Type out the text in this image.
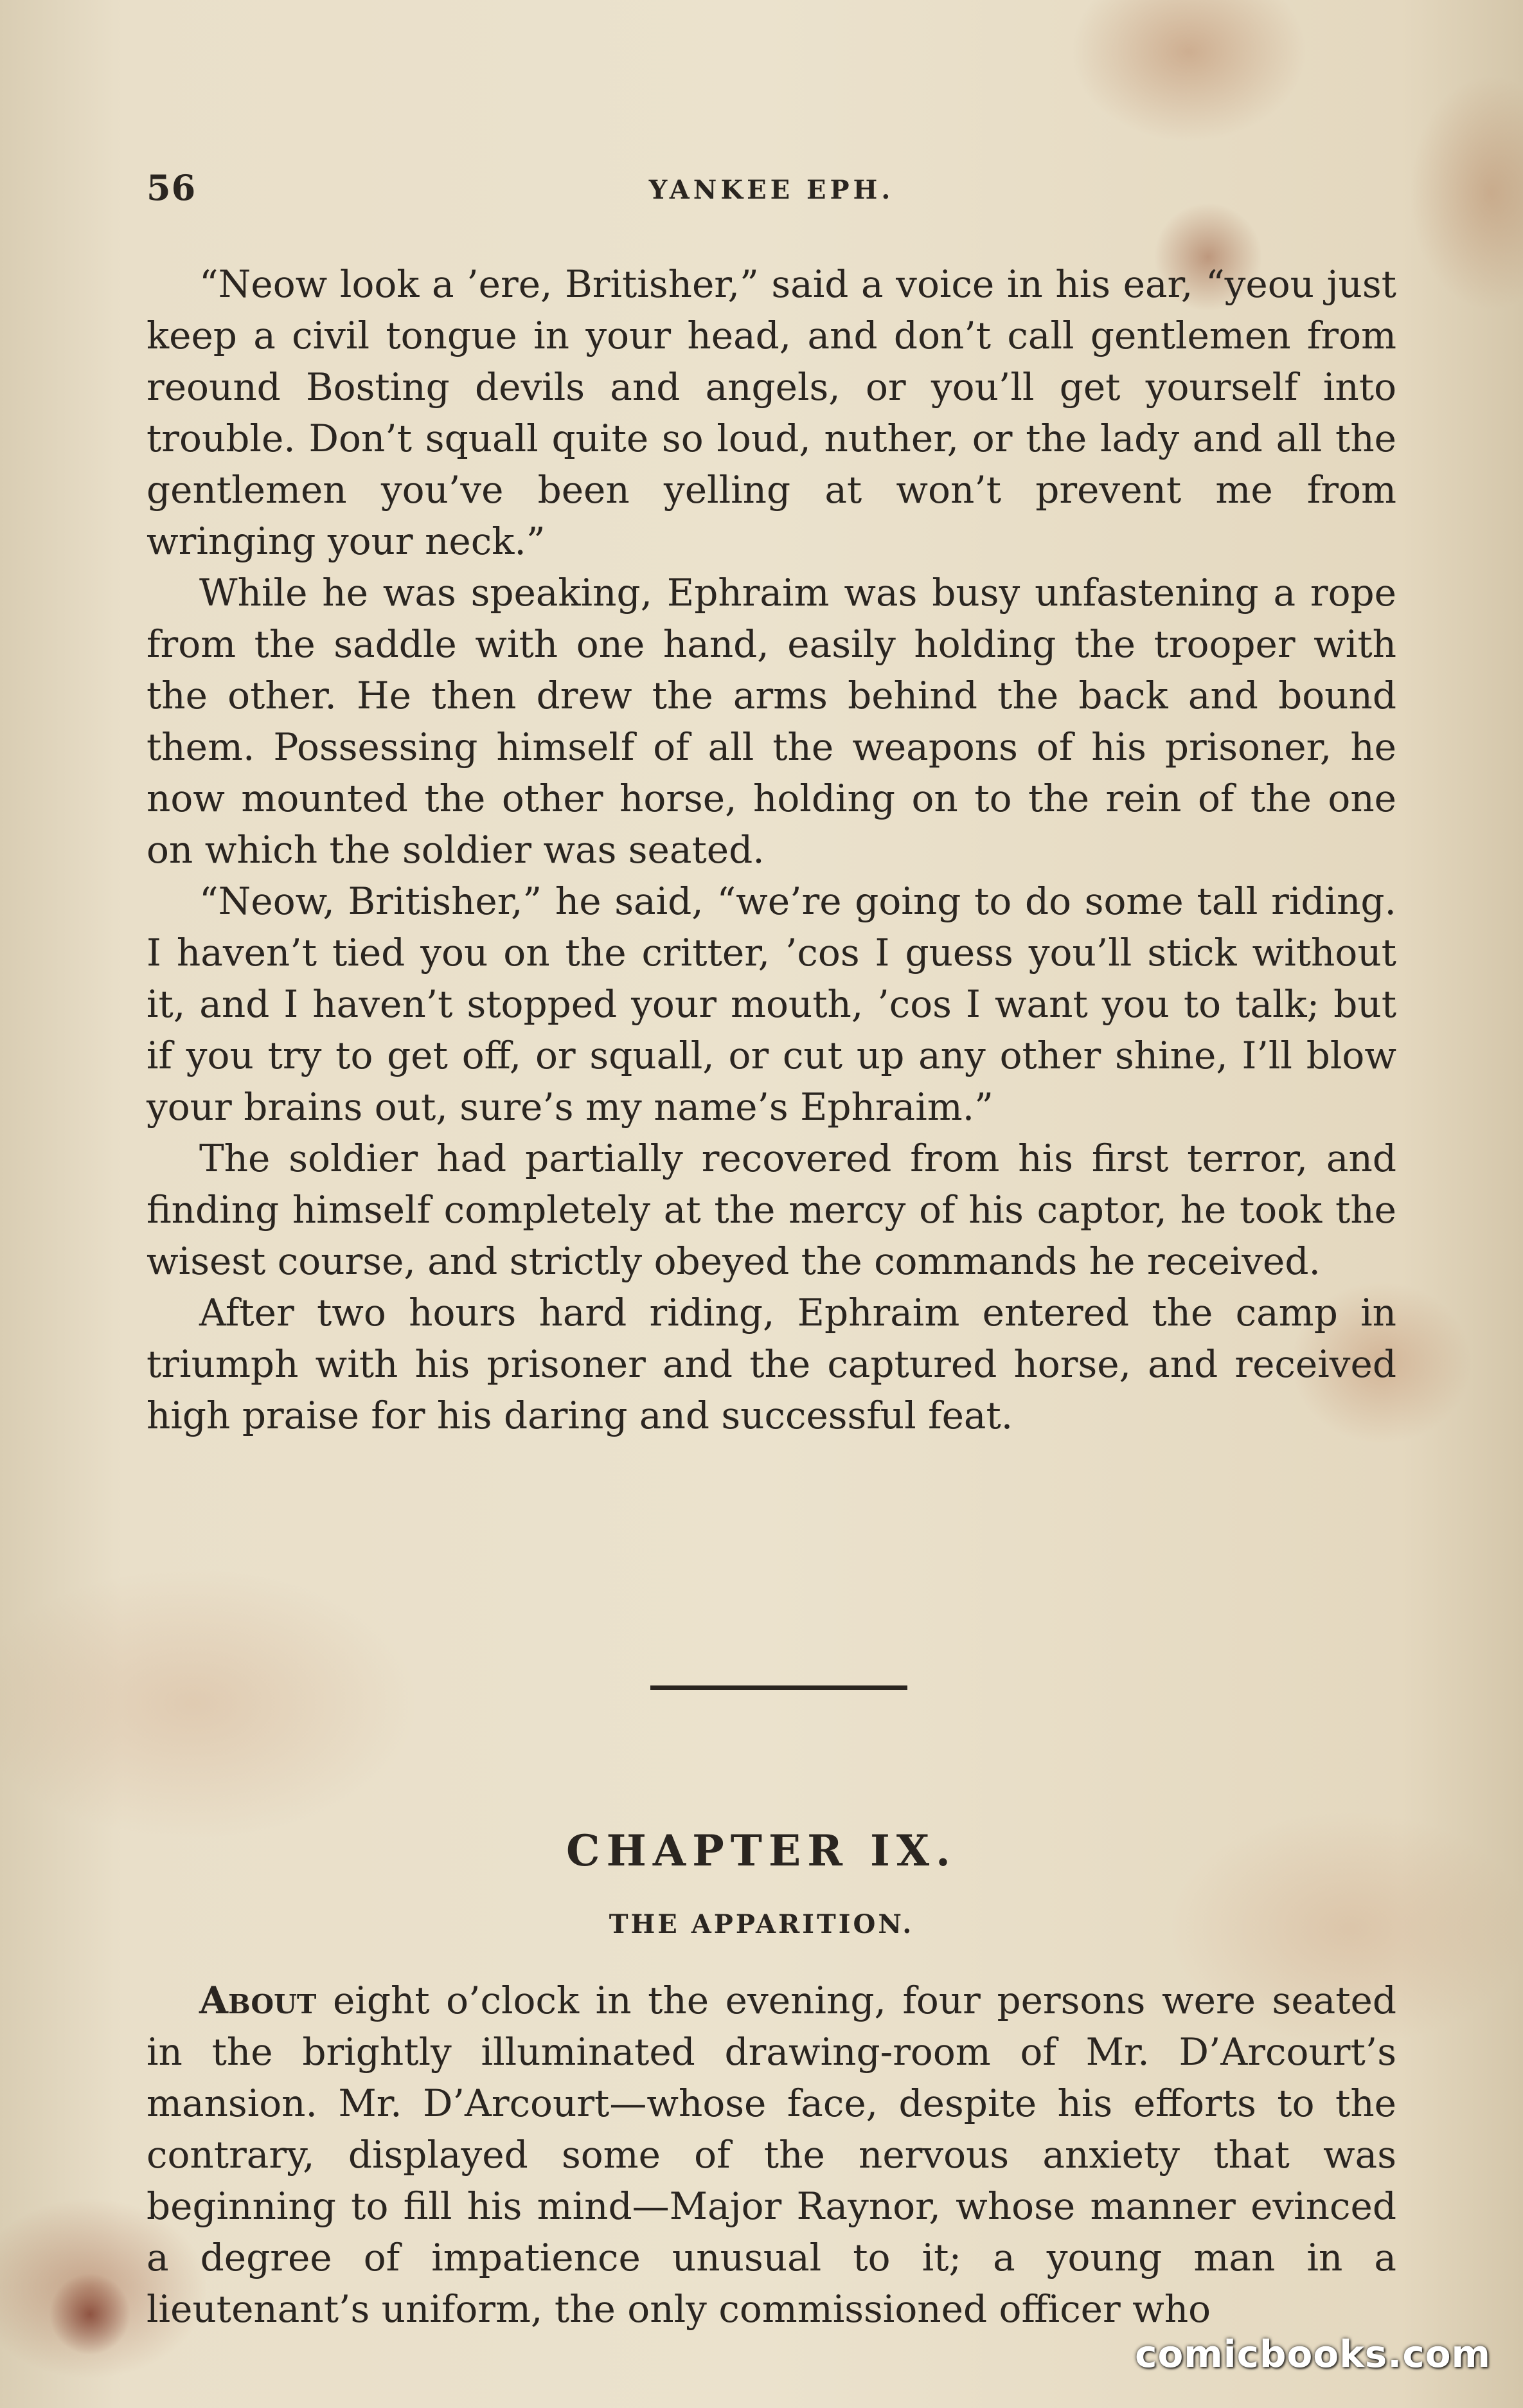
56	YANKEE EPH.

“Neow look a ’ere, Britisher,” said a voice in his ear, “yeou just keep a civil tongue in your head, and don’t call gentlemen from reound Bosting devils and angels, or you’ll get yourself into trouble. Don’t squall quite so loud, nuther, or the lady and all the gentlemen you’ve been yelling at won’t prevent me from wringing your neck.”

While he was speaking, Ephraim was busy unfastening a rope from the saddle with one hand, easily holding the trooper with the other. He then drew the arms behind the back and bound them. Possessing himself of all the weapons of his prisoner, he now mounted the other horse, holding on to the rein of the one on which the soldier was seated.

“Neow, Britisher,” he said, “we’re going to do some tall riding. I haven’t tied you on the critter, ’cos I guess you’ll stick without it, and I haven’t stopped your mouth, ’cos I want you to talk; but if you try to get off, or squall, or cut up any other shine, I’ll blow your brains out, sure’s my name’s Ephraim.”

The soldier had partially recovered from his first terror, and finding himself completely at the mercy of his captor, he took the wisest course, and strictly obeyed the commands he received.

After two hours hard riding, Ephraim entered the camp in triumph with his prisoner and the captured horse, and received high praise for his daring and successful feat.

CHAPTER IX.
THE APPARITION.

About eight o’clock in the evening, four persons were seated in the brightly illuminated drawing-room of Mr. D’Arcourt’s mansion. Mr. D’Arcourt—whose face, despite his efforts to the contrary, displayed some of the nervous anxiety that was beginning to fill his mind—Major Raynor, whose manner evinced a degree of impatience unusual to it; a young man in a lieutenant’s uniform, the only commissioned officer who

comicbooks.com
